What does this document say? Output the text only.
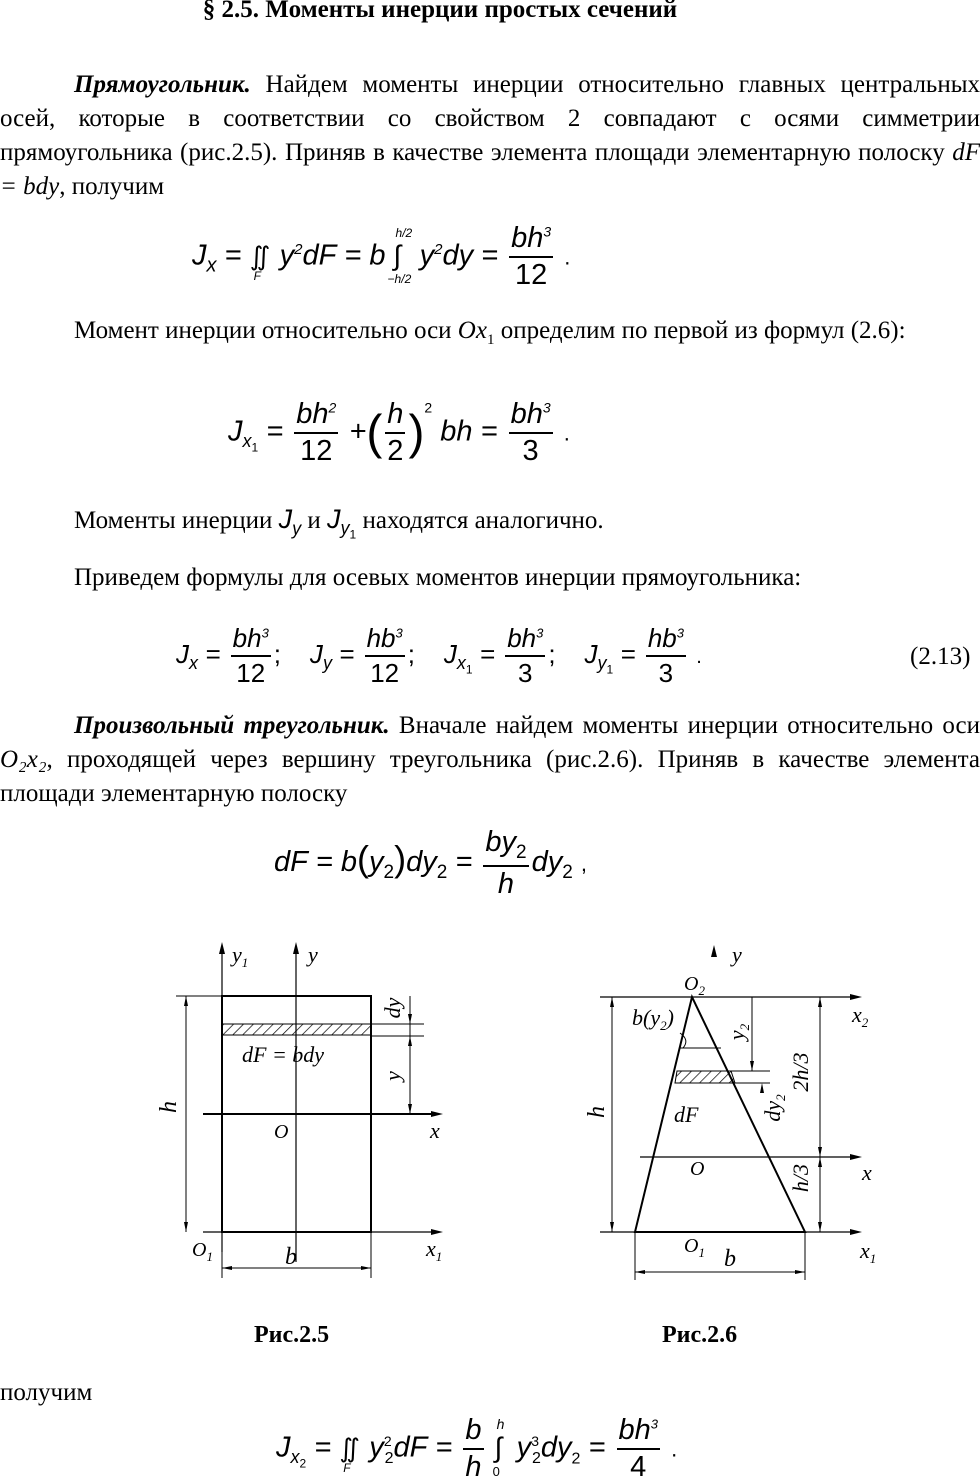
§ 2.5. Моменты инерции простых сечений
Прямоугольник. Найдем моменты инерции относительно главных центральных осей, которые в соответствии со свойством 2 совпадают с осями симметрии прямоугольника (рис.2.5). Приняв в качестве элемента площади элементарную полоску dF = bdy, получим
$J_x$ = ∬
F
$y^2dF = b$ ∫
h/2
−h/2
$y^2dy = \frac{bh^3}{12}$ .
Момент инерции относительно оси $Ox_1$ определим по первой из формул (2.6):
$J_{x_1} = \frac{bh^2}{12}$ +( $\frac{h}{2} )^2$ bh = $\frac{bh^3}{3}$ .
Моменты инерции $J_y$ и $J_{y_1}$ находятся аналогично.
Приведем формулы для осевых моментов инерции прямоугольника:
$J_x = \frac{bh^3}{12}$ ;    $J_y = \frac{hb^3}{12}$ ;    $J_{x_1} = \frac{bh^3}{3}$ ;    $J_{y_1} = \frac{hb^3}{3}$ .	(2.13)
Произвольный треугольник. Вначале найдем моменты инерции относительно оси O₂x₂, проходящей через вершину треугольника (рис.2.6). Приняв в качестве элемента площади элементарную полоску
dF = $b(y_2)dy_2 = \frac{by_2}{h} dy_2$ ,
$y_1$	y
x
$x_1$
O
$O_1$
h
b
dy
y
dF = bdy
Рис.2.5
y
$O_2$
$x_2$
$b(y_2)$
$y_2$
2h/3
h	dF	$dy_2$
O	x
h/3
$O_1$ b	$x_1$
Рис.2.6
получим
$J_{x_2}$ = ∬
F
$y^2_2dF = \frac{b}{h}$ ∫
h
0
$y^3_2dy_2 = \frac{bh^3}{4}$ .
